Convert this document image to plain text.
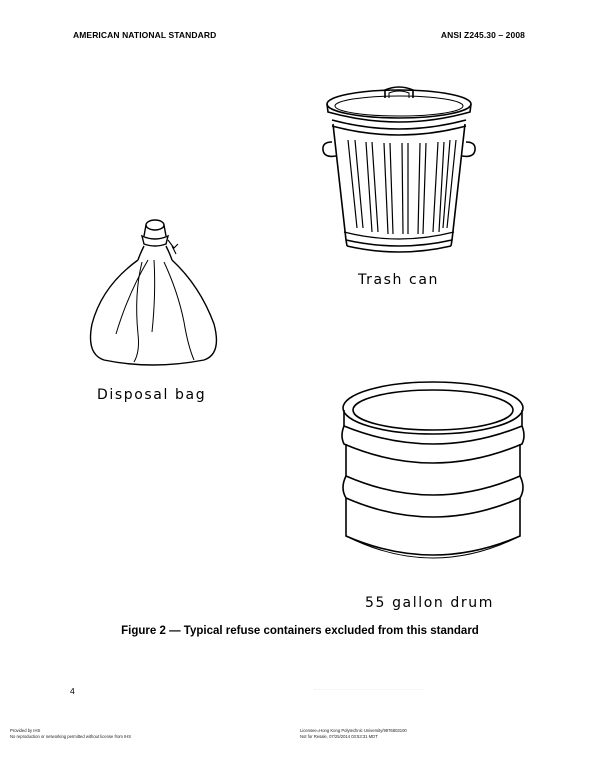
AMERICAN NATIONAL STANDARD	ANSI Z245.30 – 2008
Trash can
Disposal bag
55 gallon drum
Figure 2 — Typical refuse containers excluded from this standard
4
Provided by IHS
No reproduction or networking permitted without license from IHS
Licensee=Hong Kong Polytechnic University/9976803100
Not for Resale, 07/25/2014 03:53:31 MDT
